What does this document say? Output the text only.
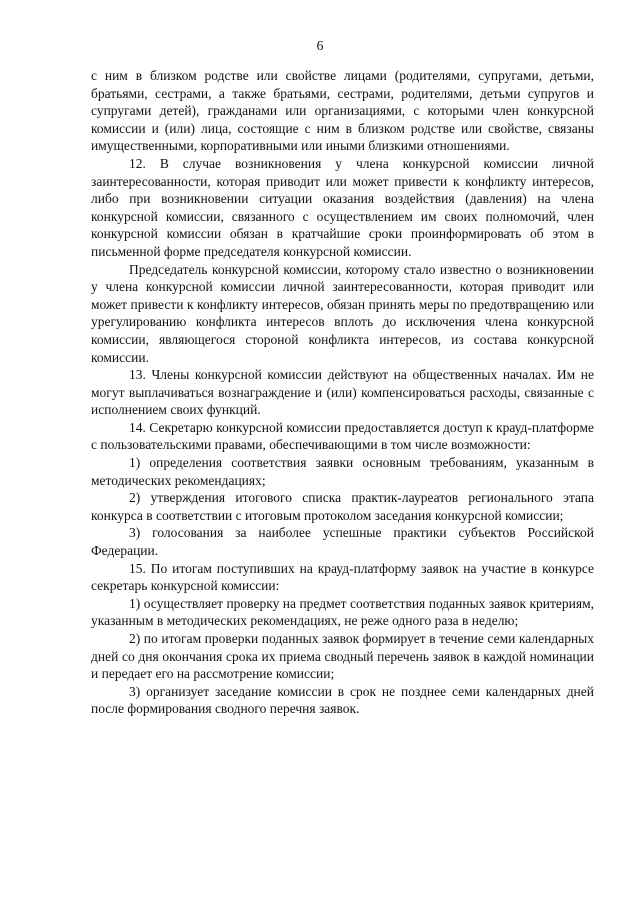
6

с ним в близком родстве или свойстве лицами (родителями, супругами, детьми, братьями, сестрами, а также братьями, сестрами, родителями, детьми супругов и супругами детей), гражданами или организациями, с которыми член конкурсной комиссии и (или) лица, состоящие с ним в близком родстве или свойстве, связаны имущественными, корпоративными или иными близкими отношениями.

12. В случае возникновения у члена конкурсной комиссии личной заинтересованности, которая приводит или может привести к конфликту интересов, либо при возникновении ситуации оказания воздействия (давления) на члена конкурсной комиссии, связанного с осуществлением им своих полномочий, член конкурсной комиссии обязан в кратчайшие сроки проинформировать об этом в письменной форме председателя конкурсной комиссии.

Председатель конкурсной комиссии, которому стало известно о возникновении у члена конкурсной комиссии личной заинтересованности, которая приводит или может привести к конфликту интересов, обязан принять меры по предотвращению или урегулированию конфликта интересов вплоть до исключения члена конкурсной комиссии, являющегося стороной конфликта интересов, из состава конкурсной комиссии.

13. Члены конкурсной комиссии действуют на общественных началах. Им не могут выплачиваться вознаграждение и (или) компенсироваться расходы, связанные с исполнением своих функций.

14. Секретарю конкурсной комиссии предоставляется доступ к крауд-платформе с пользовательскими правами, обеспечивающими в том числе возможности:

1) определения соответствия заявки основным требованиям, указанным в методических рекомендациях;

2) утверждения итогового списка практик-лауреатов регионального этапа конкурса в соответствии с итоговым протоколом заседания конкурсной комиссии;

3) голосования за наиболее успешные практики субъектов Российской Федерации.

15. По итогам поступивших на крауд-платформу заявок на участие в конкурсе секретарь конкурсной комиссии:

1) осуществляет проверку на предмет соответствия поданных заявок критериям, указанным в методических рекомендациях, не реже одного раза в неделю;

2) по итогам проверки поданных заявок формирует в течение семи календарных дней со дня окончания срока их приема сводный перечень заявок в каждой номинации и передает его на рассмотрение комиссии;

3) организует заседание комиссии в срок не позднее семи календарных дней после формирования сводного перечня заявок.
